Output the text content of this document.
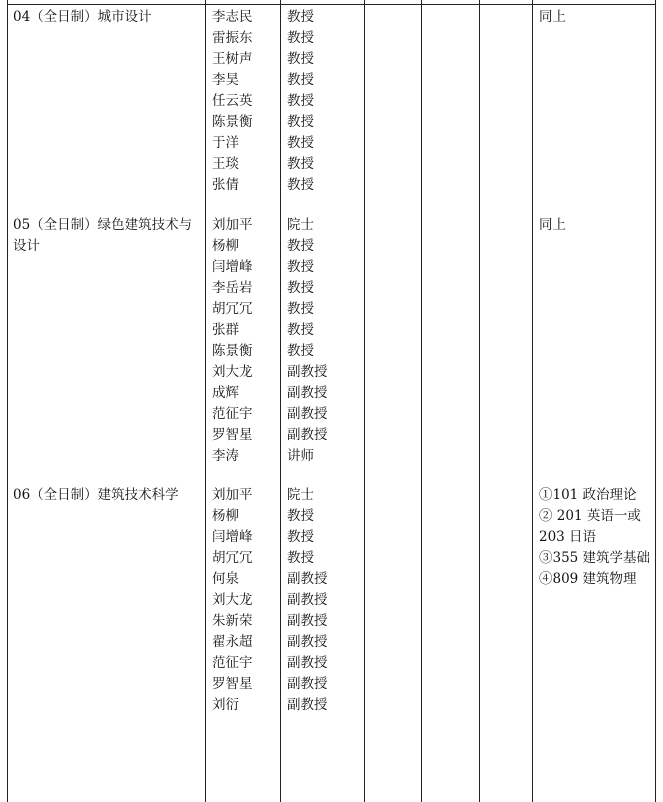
04（全日制）城市设计	李志民
雷振东
王树声
李昊
任云英
陈景衡
于洋
王琰
张倩
教授
教授
教授
教授
教授
教授
教授
教授
教授
同上
05（全日制）绿色建筑技术与设计
刘加平
杨柳
闫增峰
李岳岩
胡冗冗
张群
陈景衡
刘大龙
成辉
范征宇
罗智星
李涛
院士
教授
教授
教授
教授
教授
教授
副教授
副教授
副教授
副教授
讲师
同上
06（全日制）建筑技术科学 刘加平
杨柳
闫增峰
胡冗冗
何泉
刘大龙
朱新荣
翟永超
范征宇
罗智星
刘衍
院士
教授
教授
教授
副教授
副教授
副教授
副教授
副教授
副教授
副教授
①101 政治理论
② 201 英语一或
203 日语
③355 建筑学基础
④809 建筑物理
